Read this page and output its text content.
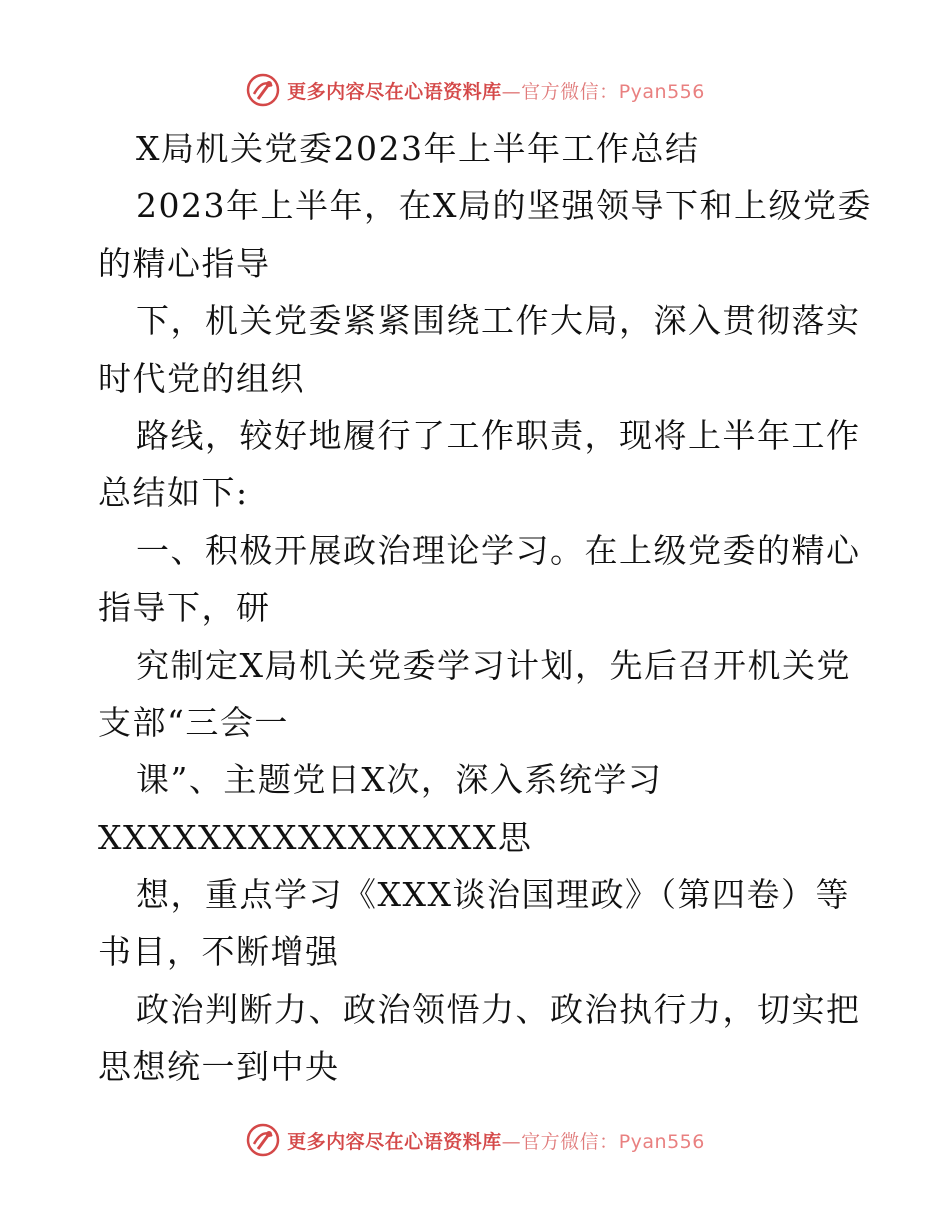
更多内容尽在心语资料库—官方微信：Pyan556
X局机关党委2023年上半年工作总结
2023年上半年，在X局的坚强领导下和上级党委
的精心指导
下，机关党委紧紧围绕工作大局，深入贯彻落实
时代党的组织
路线，较好地履行了工作职责，现将上半年工作
总结如下:
一、积极开展政治理论学习。在上级党委的精心
指导下，研
究制定X局机关党委学习计划，先后召开机关党
支部“三会一
课”、主题党日X次，深入系统学习
XXXXXXXXXXXXXXXX思
想，重点学习《XXX谈治国理政》（第四卷）等
书目，不断增强
政治判断力、政治领悟力、政治执行力，切实把
思想统一到中央
更多内容尽在心语资料库—官方微信：Pyan556
